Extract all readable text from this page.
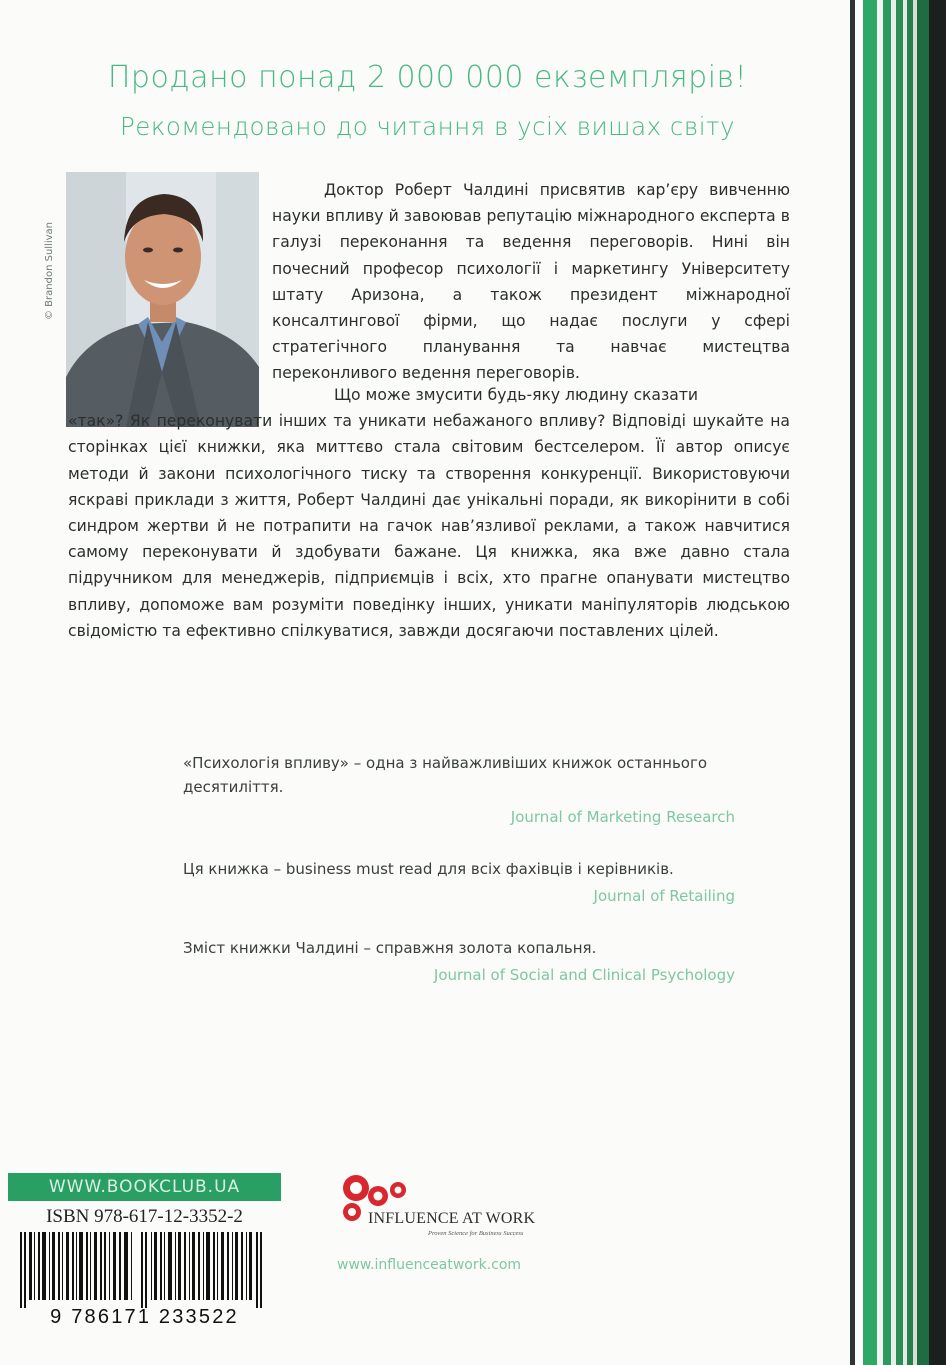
Продано понад 2 000 000 екземплярів!
Рекомендовано до читання в усіх вишах світу
© Brandon Sullivan
Доктор Роберт Чалдині присвятив кар’єру вивченню науки впливу й завоював репутацію міжнародного експерта в галузі переконання та ведення переговорів. Нині він почесний професор психології і маркетингу Університету штату Аризона, а також президент міжнародної консалтингової фірми, що надає послуги у сфері стратегічного планування та навчає мистецтва переконливого ведення переговорів.
Що може змусити будь-яку людину сказати «так»? Як переконувати інших та уникати небажаного впливу? Відповіді шукайте на сторінках цієї книжки, яка миттєво стала світовим бестселером. Її автор описує методи й закони психологічного тиску та створення конкуренції. Використовуючи яскраві приклади з життя, Роберт Чалдині дає унікальні поради, як викорінити в собі синдром жертви й не потрапити на гачок нав’язливої реклами, а також навчитися самому переконувати й здобувати бажане. Ця книжка, яка вже давно стала підручником для менеджерів, підприємців і всіх, хто прагне опанувати мистецтво впливу, допоможе вам розуміти поведінку інших, уникати маніпуляторів людською свідомістю та ефективно спілкуватися, завжди досягаючи поставлених цілей.
«Психологія впливу» – одна з найважливіших книжок останнього десятиліття.
Journal of Marketing Research
Ця книжка – business must read для всіх фахівців і керівників.
Journal of Retailing
Зміст книжки Чалдині – справжня золота копальня.
Journal of Social and Clinical Psychology
WWW.BOOKCLUB.UA
ISBN 978-617-12-3352-2
9 786171 233522
INFLUENCE AT WORK
Proven Science for Business Success
www.influenceatwork.com
